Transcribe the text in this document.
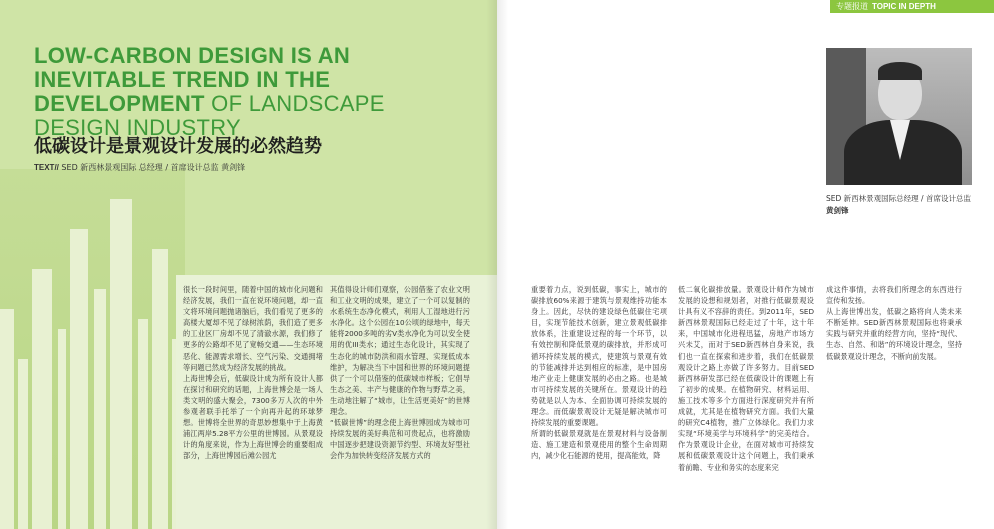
专题报道 TOPIC IN DEPTH
LOW-CARBON DESIGN IS AN INEVITABLE TREND IN THE DEVELOPMENT OF LANDSCAPE DESIGN INDUSTRY
低碳设计是景观设计发展的必然趋势
TEXT// SED 新西林景观国际 总经理 / 首席设计总监 黄剑锋

很长一段时间里，随着中国的城市化问题和经济发展，我们一直在说环境问题，却一直文将环境问题抛诸脑后，我们看见了更多的高楼大厦却不见了绿树浓荫，我们造了更多的工业区厂房却不见了清澈水源，我们修了更多的公路却不见了宽畅交通——生态环境恶化、能源需求增长、空气污染、交通拥堵等问题已然成为经济发展的挑战。
上海世博会后，低碳设计成为所有设计人都在探讨和研究的话题，上海世博会是一场人类文明的盛大聚会，7300多万人次的中外参观者联手托举了一个向再升起的环球梦想。世博将全世界的奇思妙想集中于上海黄浦江两岸5.28平方公里的世博园。从景观设计的角度来说，作为上海世博会的重要组成部分，上海世博园后滩公园尤

其值得设计师们观察，公园借鉴了农业文明和工业文明的成果，建立了一个可以复制的水系统生态净化模式，利用人工湿地进行污水净化。这个公园在10公顷的绿地中，每天能将2000多吨的劣V类水净化为可以安全使用的优III类水；通过生态化设计，其实现了生态化的城市防洪和雨水管理、实现低成本维护，为解决当下中国和世界的环境问题提供了一个可以借鉴的低碳城市样板；它倡导生态之美、丰产与健康的作物与野草之美，生动地注解了“城市，让生活更美好”的世博理念。
“低碳世博”的理念使上海世博园成为城市可持续发展的美好典范和可贵起点，也将激励中国逐步把建设资源节约型、环境友好型社会作为加快转变经济发展方式的

重要着力点，说到低碳，事实上，城市的碳排放60%来源于建筑与景观维持功能本身上。因此，尽快的建设绿色低碳住宅项目，实现节能技术创新，建立景观低碳排放体系，注重建设过程的每一个环节，以有效控制和降低景观的碳排放，并形成可循环持续发展的模式，使建筑与景观有效的节能减排并达到相应的标准，是中国房地产业走上健康发展的必由之路。也是城市可持续发展的关键所在。景观设计的趋势就是以人为本、全面协调可持续发展的理念。而低碳景观设计无疑是解决城市可持续发展的重要课题。
所谓的低碳景观就是在景观材料与设备制造、施工建造和景观使用的整个生命周期内，减少化石能源的使用，提高能效，降

低二氧化碳排放量。景观设计师作为城市发展的设想和规划者，对推行低碳景观设计具有义不容辞的责任。到2011年，SED新西林景观国际已经走过了十年，这十年来，中国城市化进程迅猛，房地产市场方兴未艾，而对于SED新西林自身来说，我们也一直在探索和进步着，我们在低碳景观设计之路上亦做了许多努力。目前SED新西林研发部已经在低碳设计的课题上有了初步的成果。在植物研究、材料运用、施工技术等多个方面进行深度研究并有所成就，尤其是在植物研究方面。我们大量的研究C4植物，推广立体绿化。我们力求实现“环境美学与环境科学”的完美结合。作为景观设计企业，在面对城市可持续发展和低碳景观设计这个问题上，我们秉承着前瞻、专业和务实的态度来完

成这件事情，去将我们所理念的东西进行宣传和发扬。
从上海世博出发，低碳之路将向人类未来不断延伸。SED新西林景观国际也将秉承实践与研究并重的经营方向，坚持“现代、生态、自然、和谐”的环境设计理念，坚持低碳景观设计理念，不断向前发展。

SED 新西林景观国际总经理 / 首席设计总监
黄剑锋
